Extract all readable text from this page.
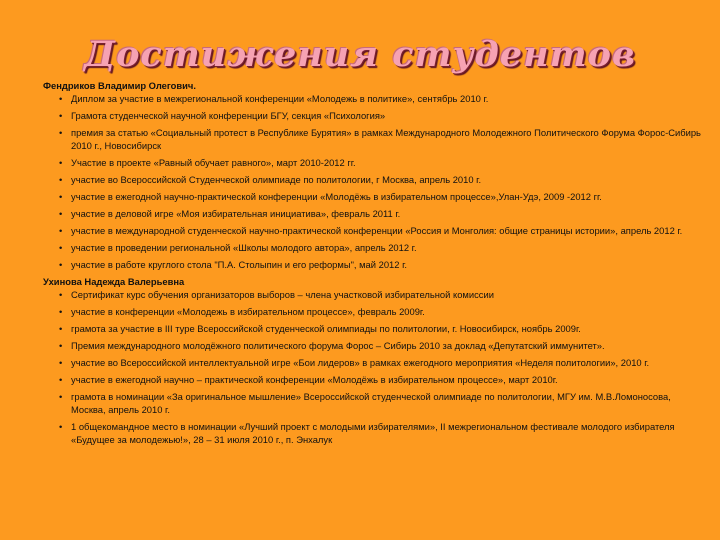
Достижения студентов

Фендриков Владимир Олегович.

• Диплом за участие в межрегиональной конференции «Молодежь в политике», сентябрь 2010 г.
• Грамота студенческой научной конференции БГУ, секция «Психология»
• премия за статью «Социальный протест в Республике Бурятия» в рамках Международного Молодежного Политического Форума Форос-Сибирь 2010 г., Новосибирск
• Участие в проекте «Равный обучает равного», март 2010-2012 гг.
• участие во Всероссийской Студенческой олимпиаде по политологии, г Москва, апрель 2010 г.
• участие в ежегодной научно-практической конференции «Молодёжь в избирательном процессе»,Улан-Удэ, 2009 -2012 гг.
• участие в деловой игре «Моя избирательная инициатива», февраль 2011 г.
• участие в международной студенческой научно-практической конференции «Россия и Монголия: общие страницы истории», апрель 2012 г.
• участие в проведении региональной «Школы молодого автора», апрель 2012 г.
• участие в работе круглого стола "П.А. Столыпин и его реформы", май 2012 г.

Ухинова Надежда Валерьевна

• Сертификат курс обучения организаторов выборов – члена участковой избирательной комиссии
• участие в конференции «Молодежь в избирательном процессе», февраль 2009г.
• грамота за участие в III туре Всероссийской студенческой олимпиады по политологии, г. Новосибирск, ноябрь 2009г.
• Премия международного молодёжного политического форума Форос – Сибирь 2010 за доклад «Депутатский иммунитет».
• участие во Всероссийской интеллектуальной игре «Бои лидеров» в рамках ежегодного мероприятия «Неделя политологии», 2010 г.
• участие в ежегодной научно – практической конференции «Молодёжь в избирательном процессе», март 2010г.
• грамота в номинации «За оригинальное мышление» Всероссийской студенческой олимпиаде по политологии, МГУ им. М.В.Ломоносова, Москва, апрель 2010 г.
• 1 общекомандное место в номинации «Лучший проект с молодыми избирателями», II межрегиональном фестивале молодого избирателя «Будущее за молодежью!», 28 – 31 июля 2010 г., п. Энхалук
